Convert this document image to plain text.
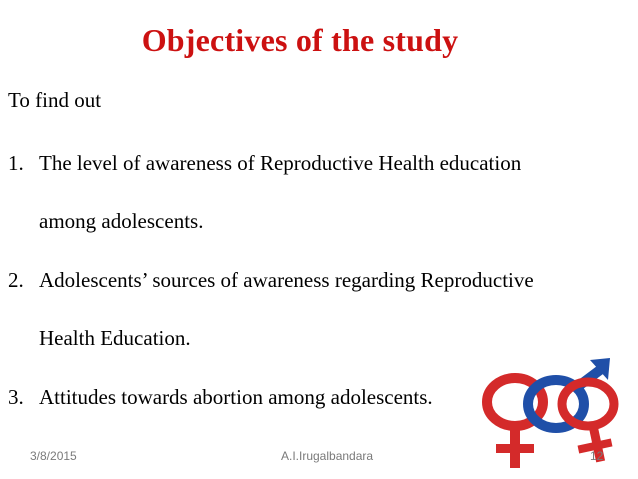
Objectives of the study
To find out
1. The level of awareness of Reproductive Health education
among adolescents.
2. Adolescents’ sources of awareness regarding Reproductive
Health Education.
3. Attitudes towards abortion among adolescents.
3/8/2015	A.I.Irugalbandara	12
